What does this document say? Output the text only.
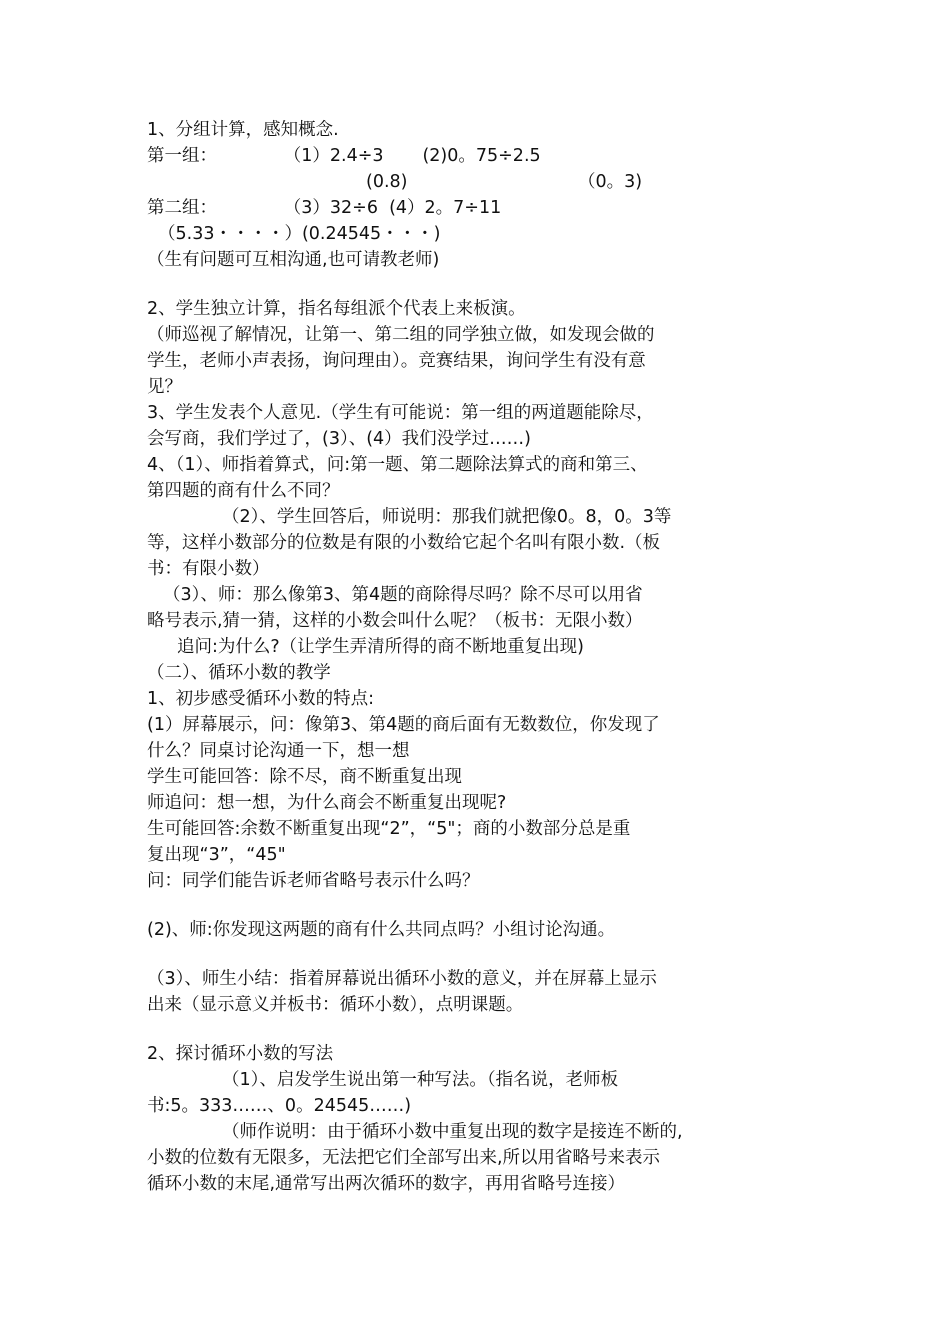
1、分组计算，感知概念.
第一组：            （1）2.4÷3       (2)0。75÷2.5
(0.8)	（0。3)
第二组：            （3）32÷6  (4）2。7÷11
（5.33・・・・）(0.24545・・・)
（生有问题可互相沟通,也可请教老师)
2、学生独立计算，指名每组派个代表上来板演。
（师巡视了解情况，让第一、第二组的同学独立做，如发现会做的
学生，老师小声表扬，询问理由）。竞赛结果，询问学生有没有意
见？
3、学生发表个人意见.（学生有可能说：第一组的两道题能除尽，
会写商，我们学过了，(3）、(4）我们没学过……)
4、（1）、师指着算式，问:第一题、第二题除法算式的商和第三、
第四题的商有什么不同？
（2）、学生回答后，师说明：那我们就把像0。8，0。3等
等，这样小数部分的位数是有限的小数给它起个名叫有限小数.（板
书：有限小数）
（3）、师：那么像第3、第4题的商除得尽吗？除不尽可以用省
略号表示,猜一猜，这样的小数会叫什么呢？（板书：无限小数）
追问:为什么?（让学生弄清所得的商不断地重复出现)
（二）、循环小数的教学
1、初步感受循环小数的特点:
(1）屏幕展示，问：像第3、第4题的商后面有无数数位，你发现了
什么？同桌讨论沟通一下，想一想
学生可能回答：除不尽，商不断重复出现
师追问：想一想，为什么商会不断重复出现呢?
生可能回答:余数不断重复出现“2”，“5"；商的小数部分总是重
复出现“3”，“45"
问：同学们能告诉老师省略号表示什么吗？
(2)、师:你发现这两题的商有什么共同点吗？小组讨论沟通。
（3）、师生小结：指着屏幕说出循环小数的意义，并在屏幕上显示
出来（显示意义并板书：循环小数），点明课题。
2、探讨循环小数的写法
（1）、启发学生说出第一种写法。（指名说，老师板
书:5。333……、0。24545……)
（师作说明：由于循环小数中重复出现的数字是接连不断的,
小数的位数有无限多，无法把它们全部写出来,所以用省略号来表示
循环小数的末尾,通常写出两次循环的数字，再用省略号连接）
